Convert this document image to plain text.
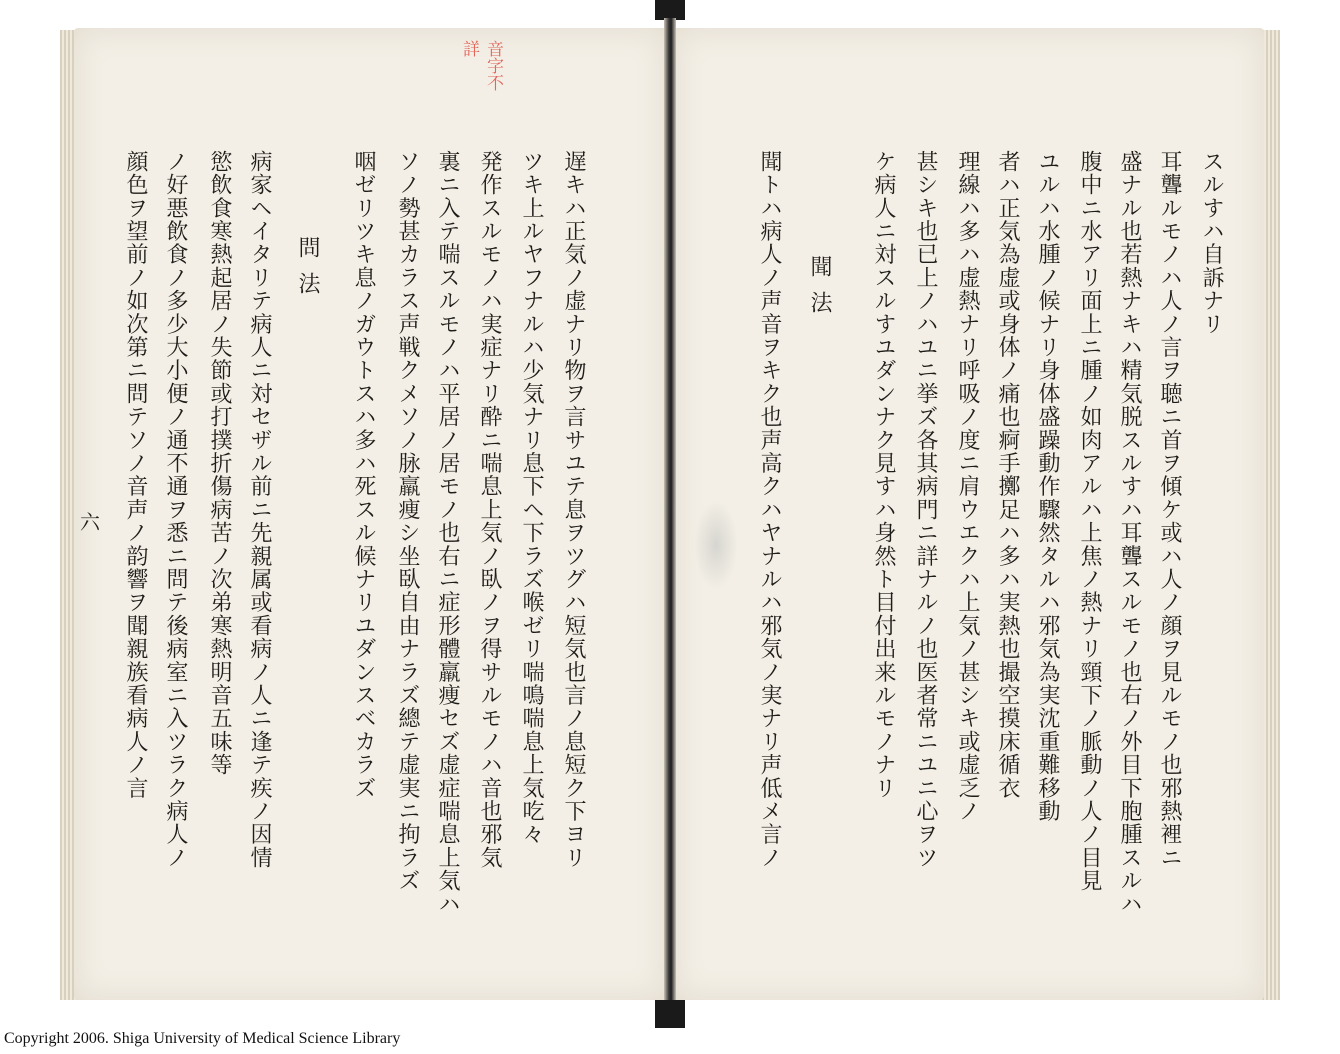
スルすハ自訴ナリ
耳聾ルモノハ人ノ言ヲ聴ニ首ヲ傾ケ或ハ人ノ顔ヲ見ルモノ也邪熱裡ニ
盛ナル也若熱ナキハ精気脱スルすハ耳聾スルモノ也右ノ外目下胞腫スルハ
腹中ニ水アリ面上ニ腫ノ如肉アルハ上焦ノ熱ナリ頸下ノ脈動ノ人ノ目見
ユルハ水腫ノ候ナリ身体盛躁動作驟然タルハ邪気為実沈重難移動
者ハ正気為虚或身体ノ痛也痾手擲足ハ多ハ実熱也撮空摸床循衣
理線ハ多ハ虚熱ナリ呼吸ノ度ニ肩ウエクハ上気ノ甚シキ或虚乏ノ
甚シキ也已上ノハユニ挙ズ各其病門ニ詳ナルノ也医者常ニユニ心ヲツ
ケ病人ニ対スルすユダンナク見すハ身然ト目付出来ルモノナリ
聞法
聞トハ病人ノ声音ヲキク也声高クハヤナルハ邪気ノ実ナリ声低メ言ノ
音字不
詳
遅キハ正気ノ虚ナリ物ヲ言サユテ息ヲツグハ短気也言ノ息短ク下ヨリ
ツキ上ルヤフナルハ少気ナリ息下ヘ下ラズ喉ゼリ喘鳴喘息上気吃々
発作スルモノハ実症ナリ酔ニ喘息上気ノ臥ノヲ得サルモノハ音也邪気
裏ニ入テ喘スルモノハ平居ノ居モノ也右ニ症形體羸痩セズ虚症喘息上気ハ
ソノ勢甚カラス声戦クメソノ脉羸痩シ坐臥自由ナラズ總テ虚実ニ拘ラズ
咽ゼリツキ息ノガウトスハ多ハ死スル候ナリユダンスベカラズ
問法
病家ヘイタリテ病人ニ対セザル前ニ先親属或看病ノ人ニ逢テ疾ノ因情
慾飲食寒熱起居ノ失節或打撲折傷病苦ノ次弟寒熱明音五味等
ノ好悪飲食ノ多少大小便ノ通不通ヲ悉ニ問テ後病室ニ入ツラク病人ノ
顔色ヲ望前ノ如次第ニ問テソノ音声ノ韵響ヲ聞親族看病人ノ言
六
Copyright 2006. Shiga University of Medical Science Library
